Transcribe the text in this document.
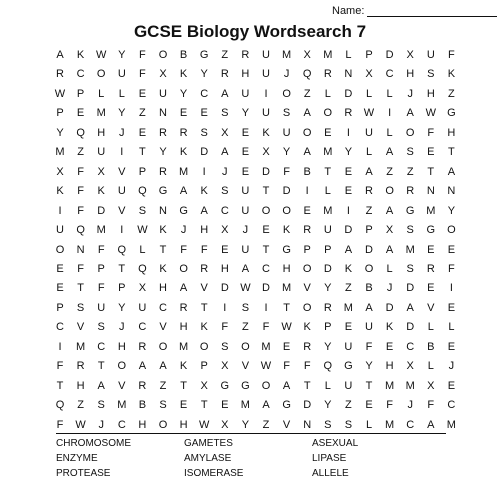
Name:
GCSE Biology Wordsearch 7
A	K	W	Y	F	O	B	G	Z	R	U	M	X	M	L	P	D	X	U	F
R	C	O	U	F	X	K	Y	R	H	U	J	Q	R	N	X	C	H	S	K
W	P	L	L	E	U	Y	C	A	U	I	O	Z	L	D	L	L	J	H	Z
P	E	M	Y	Z	N	E	E	S	Y	U	S	A	O	R	W	I	A	W	G
Y	Q	H	J	E	R	R	S	X	E	K	U	O	E	I	U	L	O	F	H
M	Z	U	I	T	Y	K	D	A	E	X	Y	A	M	Y	L	A	S	E	T
X	F	X	V	P	R	M	I	J	E	D	F	B	T	E	A	Z	Z	T	A
K	F	K	U	Q	G	A	K	S	U	T	D	I	L	E	R	O	R	N	N
I	F	D	V	S	N	G	A	C	U	O	O	E	M	I	Z	A	G	M	Y
U	Q	M	I	W	K	J	H	X	J	E	K	R	U	D	P	X	S	G	O
O	N	F	Q	L	T	F	F	E	U	T	G	P	P	A	D	A	M	E	E
E	F	P	T	Q	K	O	R	H	A	C	H	O	D	K	O	L	S	R	F
E	T	F	P	X	H	A	V	D	W	D	M	V	Y	Z	B	J	D	E	I
P	S	U	Y	U	C	R	T	I	S	I	T	O	R	M	A	D	A	V	E
C	V	S	J	C	V	H	K	F	Z	F	W	K	P	E	U	K	D	L	L
I	M	C	H	R	O	M	O	S	O	M	E	R	Y	U	F	E	C	B	E
F	R	T	O	A	A	K	P	X	V	W	F	F	Q	G	Y	H	X	L	J
T	H	A	V	R	Z	T	X	G	G	O	A	T	L	U	T	M	M	X	E
Q	Z	S	M	B	S	E	T	E	M	A	G	D	Y	Z	E	F	J	F	C
F	W	J	C	H	O	H	W	X	Y	Z	V	N	S	S	L	M	C	A	M
CHROMOSOME	GAMETES	ASEXUAL
ENZYME	AMYLASE	LIPASE
PROTEASE	ISOMERASE	ALLELE
